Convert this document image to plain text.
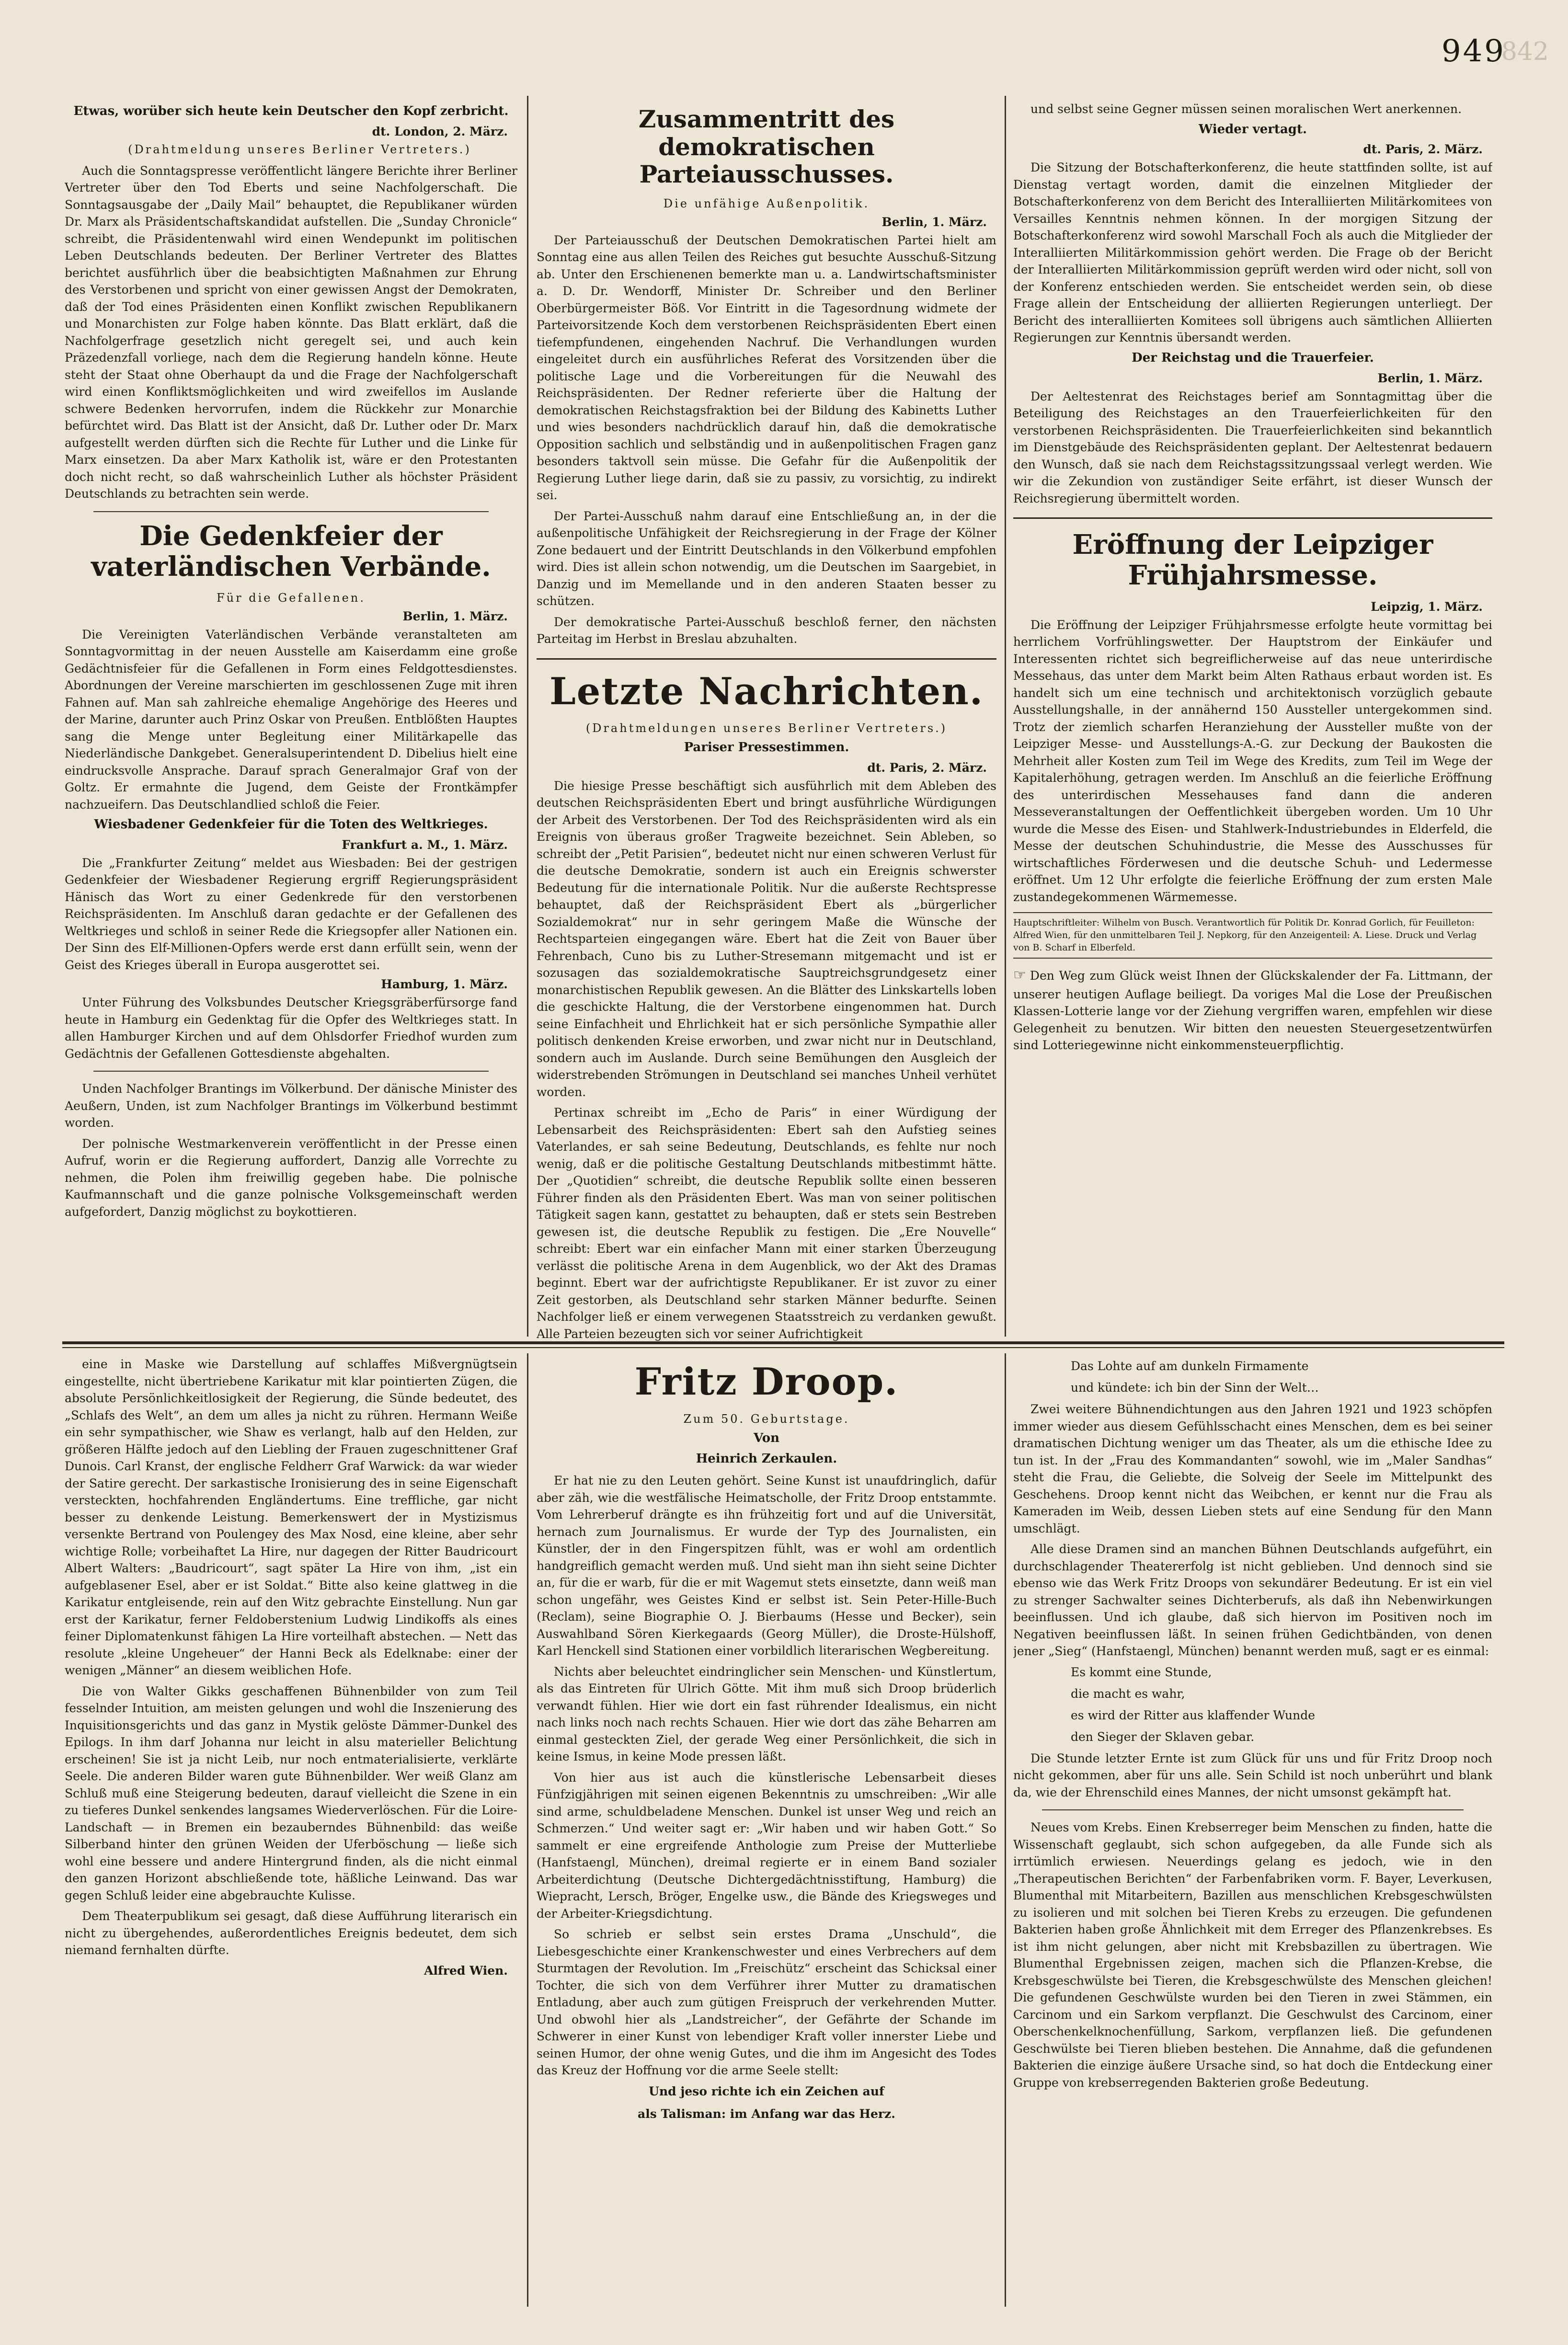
949
842
Etwas, worüber sich heute kein Deutscher den Kopf zerbricht.
dt. London, 2. März.

(Drahtmeldung unseres Berliner Vertreters.)

Auch die Sonntagspresse veröffentlicht längere Berichte ihrer Berliner Vertreter über den Tod Eberts und seine Nachfolgerschaft. Die Sonntagsausgabe der „Daily Mail“ behauptet, die Republikaner würden Dr. Marx als Präsidentschaftskandidat aufstellen. Die „Sunday Chronicle“ schreibt, die Präsidentenwahl wird einen Wendepunkt im politischen Leben Deutschlands bedeuten. Der Berliner Vertreter des Blattes berichtet ausführlich über die beabsichtigten Maßnahmen zur Ehrung des Verstorbenen und spricht von einer gewissen Angst der Demokraten, daß der Tod eines Präsidenten einen Konflikt zwischen Republikanern und Monarchisten zur Folge haben könnte. Das Blatt erklärt, daß die Nachfolgerfrage gesetzlich nicht geregelt sei, und auch kein Präzedenzfall vorliege, nach dem die Regierung handeln könne. Heute steht der Staat ohne Oberhaupt da und die Frage der Nachfolgerschaft wird einen Konfliktsmöglichkeiten und wird zweifellos im Auslande schwere Bedenken hervorrufen, indem die Rückkehr zur Monarchie befürchtet wird. Das Blatt ist der Ansicht, daß Dr. Luther oder Dr. Marx aufgestellt werden dürften sich die Rechte für Luther und die Linke für Marx einsetzen. Da aber Marx Katholik ist, wäre er den Protestanten doch nicht recht, so daß wahrscheinlich Luther als höchster Präsident Deutschlands zu betrachten sein werde.

Die Gedenkfeier der vaterländischen Verbände.
Für die Gefallenen.
Berlin, 1. März.

Die Vereinigten Vaterländischen Verbände veranstalteten am Sonntagvormittag in der neuen Ausstelle am Kaiserdamm eine große Gedächtnisfeier für die Gefallenen in Form eines Feldgottesdienstes. Abordnungen der Vereine marschierten im geschlossenen Zuge mit ihren Fahnen auf. Man sah zahlreiche ehemalige Angehörige des Heeres und der Marine, darunter auch Prinz Oskar von Preußen. Entblößten Hauptes sang die Menge unter Begleitung einer Militärkapelle das Niederländische Dankgebet. Generalsuperintendent D. Dibelius hielt eine eindrucksvolle Ansprache. Darauf sprach Generalmajor Graf von der Goltz. Er ermahnte die Jugend, dem Geiste der Frontkämpfer nachzueifern. Das Deutschlandlied schloß die Feier.

Wiesbadener Gedenkfeier für die Toten des Weltkrieges.
Frankfurt a. M., 1. März.

Die „Frankfurter Zeitung“ meldet aus Wiesbaden: Bei der gestrigen Gedenkfeier der Wiesbadener Regierung ergriff Regierungspräsident Hänisch das Wort zu einer Gedenkrede für den verstorbenen Reichspräsidenten. Im Anschluß daran gedachte er der Gefallenen des Weltkrieges und schloß in seiner Rede die Kriegsopfer aller Nationen ein. Der Sinn des Elf-Millionen-Opfers werde erst dann erfüllt sein, wenn der Geist des Krieges überall in Europa ausgerottet sei.

Hamburg, 1. März.

Unter Führung des Volksbundes Deutscher Kriegsgräberfürsorge fand heute in Hamburg ein Gedenktag für die Opfer des Weltkrieges statt. In allen Hamburger Kirchen und auf dem Ohlsdorfer Friedhof wurden zum Gedächtnis der Gefallenen Gottesdienste abgehalten.

Unden Nachfolger Brantings im Völkerbund. Der dänische Minister des Aeußern, Unden, ist zum Nachfolger Brantings im Völkerbund bestimmt worden.

Der polnische Westmarkenverein veröffentlicht in der Presse einen Aufruf, worin er die Regierung auffordert, Danzig alle Vorrechte zu nehmen, die Polen ihm freiwillig gegeben habe. Die polnische Kaufmannschaft und die ganze polnische Volksgemeinschaft werden aufgefordert, Danzig möglichst zu boykottieren.

Zusammentritt des demokratischen Parteiausschusses.
Die unfähige Außenpolitik.
Berlin, 1. März.

Der Parteiausschuß der Deutschen Demokratischen Partei hielt am Sonntag eine aus allen Teilen des Reiches gut besuchte Ausschuß-Sitzung ab. Unter den Erschienenen bemerkte man u. a. Landwirtschaftsminister a. D. Dr. Wendorff, Minister Dr. Schreiber und den Berliner Oberbürgermeister Böß. Vor Eintritt in die Tagesordnung widmete der Parteivorsitzende Koch dem verstorbenen Reichspräsidenten Ebert einen tiefempfundenen, eingehenden Nachruf. Die Verhandlungen wurden eingeleitet durch ein ausführliches Referat des Vorsitzenden über die politische Lage und die Vorbereitungen für die Neuwahl des Reichspräsidenten. Der Redner referierte über die Haltung der demokratischen Reichstagsfraktion bei der Bildung des Kabinetts Luther und wies besonders nachdrücklich darauf hin, daß die demokratische Opposition sachlich und selbständig und in außenpolitischen Fragen ganz besonders taktvoll sein müsse. Die Gefahr für die Außenpolitik der Regierung Luther liege darin, daß sie zu passiv, zu vorsichtig, zu indirekt sei.

Der Partei-Ausschuß nahm darauf eine Entschließung an, in der die außenpolitische Unfähigkeit der Reichsregierung in der Frage der Kölner Zone bedauert und der Eintritt Deutschlands in den Völkerbund empfohlen wird. Dies ist allein schon notwendig, um die Deutschen im Saargebiet, in Danzig und im Memellande und in den anderen Staaten besser zu schützen.

Der demokratische Partei-Ausschuß beschloß ferner, den nächsten Parteitag im Herbst in Breslau abzuhalten.

Letzte Nachrichten.
(Drahtmeldungen unseres Berliner Vertreters.)
Pariser Pressestimmen.
dt. Paris, 2. März.

Die hiesige Presse beschäftigt sich ausführlich mit dem Ableben des deutschen Reichspräsidenten Ebert und bringt ausführliche Würdigungen der Arbeit des Verstorbenen. Der Tod des Reichspräsidenten wird als ein Ereignis von überaus großer Tragweite bezeichnet. Sein Ableben, so schreibt der „Petit Parisien“, bedeutet nicht nur einen schweren Verlust für die deutsche Demokratie, sondern ist auch ein Ereignis schwerster Bedeutung für die internationale Politik. Nur die außerste Rechtspresse behauptet, daß der Reichspräsident Ebert als „bürgerlicher Sozialdemokrat“ nur in sehr geringem Maße die Wünsche der Rechtsparteien eingegangen wäre. Ebert hat die Zeit von Bauer über Fehrenbach, Cuno bis zu Luther-Stresemann mitgemacht und ist er sozusagen das sozialdemokratische Sauptreichsgrundgesetz einer monarchistischen Republik gewesen. An die Blätter des Linkskartells loben die geschickte Haltung, die der Verstorbene eingenommen hat. Durch seine Einfachheit und Ehrlichkeit hat er sich persönliche Sympathie aller politisch denkenden Kreise erworben, und zwar nicht nur in Deutschland, sondern auch im Auslande. Durch seine Bemühungen den Ausgleich der widerstrebenden Strömungen in Deutschland sei manches Unheil verhütet worden.

Pertinax schreibt im „Echo de Paris“ in einer Würdigung der Lebensarbeit des Reichspräsidenten: Ebert sah den Aufstieg seines Vaterlandes, er sah seine Bedeutung, Deutschlands, es fehlte nur noch wenig, daß er die politische Gestaltung Deutschlands mitbestimmt hätte. Der „Quotidien“ schreibt, die deutsche Republik sollte einen besseren Führer finden als den Präsidenten Ebert. Was man von seiner politischen Tätigkeit sagen kann, gestattet zu behaupten, daß er stets sein Bestreben gewesen ist, die deutsche Republik zu festigen. Die „Ere Nouvelle“ schreibt: Ebert war ein einfacher Mann mit einer starken Überzeugung verlässt die politische Arena in dem Augenblick, wo der Akt des Dramas beginnt. Ebert war der aufrichtigste Republikaner. Er ist zuvor zu einer Zeit gestorben, als Deutschland sehr starken Männer bedurfte. Seinen Nachfolger ließ er einem verwegenen Staatsstreich zu verdanken gewußt. Alle Parteien bezeugten sich vor seiner Aufrichtigkeit

und selbst seine Gegner müssen seinen moralischen Wert anerkennen.

Wieder vertagt.
dt. Paris, 2. März.

Die Sitzung der Botschafterkonferenz, die heute stattfinden sollte, ist auf Dienstag vertagt worden, damit die einzelnen Mitglieder der Botschafterkonferenz von dem Bericht des Interalliierten Militärkomitees von Versailles Kenntnis nehmen können. In der morgigen Sitzung der Botschafterkonferenz wird sowohl Marschall Foch als auch die Mitglieder der Interalliierten Militärkommission gehört werden. Die Frage ob der Bericht der Interalliierten Militärkommission geprüft werden wird oder nicht, soll von der Konferenz entschieden werden. Sie entscheidet werden sein, ob diese Frage allein der Entscheidung der alliierten Regierungen unterliegt. Der Bericht des interalliierten Komitees soll übrigens auch sämtlichen Alliierten Regierungen zur Kenntnis übersandt werden.

Der Reichstag und die Trauerfeier.
Berlin, 1. März.

Der Aeltestenrat des Reichstages berief am Sonntagmittag über die Beteiligung des Reichstages an den Trauerfeierlichkeiten für den verstorbenen Reichspräsidenten. Die Trauerfeierlichkeiten sind bekanntlich im Dienstgebäude des Reichspräsidenten geplant. Der Aeltestenrat bedauern den Wunsch, daß sie nach dem Reichstagssitzungssaal verlegt werden. Wie wir die Zekundion von zuständiger Seite erfährt, ist dieser Wunsch der Reichsregierung übermittelt worden.

Eröffnung der Leipziger Frühjahrsmesse.
Leipzig, 1. März.

Die Eröffnung der Leipziger Frühjahrsmesse erfolgte heute vormittag bei herrlichem Vorfrühlingswetter. Der Hauptstrom der Einkäufer und Interessenten richtet sich begreiflicherweise auf das neue unterirdische Messehaus, das unter dem Markt beim Alten Rathaus erbaut worden ist. Es handelt sich um eine technisch und architektonisch vorzüglich gebaute Ausstellungshalle, in der annähernd 150 Aussteller untergekommen sind. Trotz der ziemlich scharfen Heranziehung der Aussteller mußte von der Leipziger Messe- und Ausstellungs-A.-G. zur Deckung der Baukosten die Mehrheit aller Kosten zum Teil im Wege des Kredits, zum Teil im Wege der Kapitalerhöhung, getragen werden. Im Anschluß an die feierliche Eröffnung des unterirdischen Messehauses fand dann die anderen Messeveranstaltungen der Oeffentlichkeit übergeben worden. Um 10 Uhr wurde die Messe des Eisen- und Stahlwerk-Industriebundes in Elderfeld, die Messe der deutschen Schuhindustrie, die Messe des Ausschusses für wirtschaftliches Förderwesen und die deutsche Schuh- und Ledermesse eröffnet. Um 12 Uhr erfolgte die feierliche Eröffnung der zum ersten Male zustandegekommenen Wärmemesse.

Hauptschriftleiter: Wilhelm von Busch. Verantwortlich für Politik Dr. Konrad Gorlich, für Feuilleton: Alfred Wien, für den unmittelbaren Teil J. Nepkorg, für den Anzeigenteil: A. Liese. Druck und Verlag von B. Scharf in Elberfeld.
☞ Den Weg zum Glück weist Ihnen der Glückskalender der Fa. Littmann, der unserer heutigen Auflage beiliegt. Da voriges Mal die Lose der Preußischen Klassen-Lotterie lange vor der Ziehung vergriffen waren, empfehlen wir diese Gelegenheit zu benutzen. Wir bitten den neuesten Steuergesetzentwürfen sind Lotteriegewinne nicht einkommensteuerpflichtig.

eine in Maske wie Darstellung auf schlaffes Mißvergnügtsein eingestellte, nicht übertriebene Karikatur mit klar pointierten Zügen, die absolute Persönlichkeitlosigkeit der Regierung, die Sünde bedeutet, des „Schlafs des Welt“, an dem um alles ja nicht zu rühren. Hermann Weiße ein sehr sympathischer, wie Shaw es verlangt, halb auf den Helden, zur größeren Hälfte jedoch auf den Liebling der Frauen zugeschnittener Graf Dunois. Carl Kranst, der englische Feldherr Graf Warwick: da war wieder der Satire gerecht. Der sarkastische Ironisierung des in seine Eigenschaft versteckten, hochfahrenden Engländertums. Eine treffliche, gar nicht besser zu denkende Leistung. Bemerkenswert der in Mystizismus versenkte Bertrand von Poulengey des Max Nosd, eine kleine, aber sehr wichtige Rolle; vorbeihaftet La Hire, nur dagegen der Ritter Baudricourt Albert Walters: „Baudricourt“, sagt später La Hire von ihm, „ist ein aufgeblasener Esel, aber er ist Soldat.“ Bitte also keine glattweg in die Karikatur entgleisende, rein auf den Witz gebrachte Einstellung. Nun gar erst der Karikatur, ferner Feldoberstenium Ludwig Lindikoffs als eines feiner Diplomatenkunst fähigen La Hire vorteilhaft abstechen. — Nett das resolute „kleine Ungeheuer“ der Hanni Beck als Edelknabe: einer der wenigen „Männer“ an diesem weiblichen Hofe.

Die von Walter Gikks geschaffenen Bühnenbilder von zum Teil fesselnder Intuition, am meisten gelungen und wohl die Inszenierung des Inquisitionsgerichts und das ganz in Mystik gelöste Dämmer-Dunkel des Epilogs. In ihm darf Johanna nur leicht in alsu materieller Belichtung erscheinen! Sie ist ja nicht Leib, nur noch entmaterialisierte, verklärte Seele. Die anderen Bilder waren gute Bühnenbilder. Wer weiß Glanz am Schluß muß eine Steigerung bedeuten, darauf vielleicht die Szene in ein zu tieferes Dunkel senkendes langsames Wiederverlöschen. Für die Loire-Landschaft — in Bremen ein bezauberndes Bühnenbild: das weiße Silberband hinter den grünen Weiden der Uferböschung — ließe sich wohl eine bessere und andere Hintergrund finden, als die nicht einmal den ganzen Horizont abschließende tote, häßliche Leinwand. Das war gegen Schluß leider eine abgebrauchte Kulisse.

Dem Theaterpublikum sei gesagt, daß diese Aufführung literarisch ein nicht zu übergehendes, außerordentliches Ereignis bedeutet, dem sich niemand fernhalten dürfte.

Alfred Wien.
Fritz Droop.
Zum 50. Geburtstage.
Von
Heinrich Zerkaulen.

Er hat nie zu den Leuten gehört. Seine Kunst ist unaufdringlich, dafür aber zäh, wie die westfälische Heimatscholle, der Fritz Droop entstammte. Vom Lehrerberuf drängte es ihn frühzeitig fort und auf die Universität, hernach zum Journalismus. Er wurde der Typ des Journalisten, ein Künstler, der in den Fingerspitzen fühlt, was er wohl am ordentlich handgreiflich gemacht werden muß. Und sieht man ihn sieht seine Dichter an, für die er warb, für die er mit Wagemut stets einsetzte, dann weiß man schon ungefähr, wes Geistes Kind er selbst ist. Sein Peter-Hille-Buch (Reclam), seine Biographie O. J. Bierbaums (Hesse und Becker), sein Auswahlband Sören Kierkegaards (Georg Müller), die Droste-Hülshoff, Karl Henckell sind Stationen einer vorbildlich literarischen Wegbereitung.

Nichts aber beleuchtet eindringlicher sein Menschen- und Künstlertum, als das Eintreten für Ulrich Götte. Mit ihm muß sich Droop brüderlich verwandt fühlen. Hier wie dort ein fast rührender Idealismus, ein nicht nach links noch nach rechts Schauen. Hier wie dort das zähe Beharren am einmal gesteckten Ziel, der gerade Weg einer Persönlichkeit, die sich in keine Ismus, in keine Mode pressen läßt.

Von hier aus ist auch die künstlerische Lebensarbeit dieses Fünfzigjährigen mit seinen eigenen Bekenntnis zu umschreiben: „Wir alle sind arme, schuldbeladene Menschen. Dunkel ist unser Weg und reich an Schmerzen.“ Und weiter sagt er: „Wir haben und wir haben Gott.“ So sammelt er eine ergreifende Anthologie zum Preise der Mutterliebe (Hanfstaengl, München), dreimal regierte er in einem Band sozialer Arbeiterdichtung (Deutsche Dichtergedächtnisstiftung, Hamburg) die Wiepracht, Lersch, Bröger, Engelke usw., die Bände des Kriegsweges und der Arbeiter-Kriegsdichtung.

So schrieb er selbst sein erstes Drama „Unschuld“, die Liebesgeschichte einer Krankenschwester und eines Verbrechers auf dem Sturmtagen der Revolution. Im „Freischütz“ erscheint das Schicksal einer Tochter, die sich von dem Verführer ihrer Mutter zu dramatischen Entladung, aber auch zum gütigen Freispruch der verkehrenden Mutter. Und obwohl hier als „Landstreicher“, der Gefährte der Schande im Schwerer in einer Kunst von lebendiger Kraft voller innerster Liebe und seinen Humor, der ohne wenig Gutes, und die ihm im Angesicht des Todes das Kreuz der Hoffnung vor die arme Seele stellt:

Und jeso richte ich ein Zeichen auf
als Talisman: im Anfang war das Herz.
Das Lohte auf am dunkeln Firmamente
und kündete: ich bin der Sinn der Welt…

Zwei weitere Bühnendichtungen aus den Jahren 1921 und 1923 schöpfen immer wieder aus diesem Gefühlsschacht eines Menschen, dem es bei seiner dramatischen Dichtung weniger um das Theater, als um die ethische Idee zu tun ist. In der „Frau des Kommandanten“ sowohl, wie im „Maler Sandhas“ steht die Frau, die Geliebte, die Solveig der Seele im Mittelpunkt des Geschehens. Droop kennt nicht das Weibchen, er kennt nur die Frau als Kameraden im Weib, dessen Lieben stets auf eine Sendung für den Mann umschlägt.

Alle diese Dramen sind an manchen Bühnen Deutschlands aufgeführt, ein durchschlagender Theatererfolg ist nicht geblieben. Und dennoch sind sie ebenso wie das Werk Fritz Droops von sekundärer Bedeutung. Er ist ein viel zu strenger Sachwalter seines Dichterberufs, als daß ihn Nebenwirkungen beeinflussen. Und ich glaube, daß sich hiervon im Positiven noch im Negativen beeinflussen läßt. In seinen frühen Gedichtbänden, von denen jener „Sieg“ (Hanfstaengl, München) benannt werden muß, sagt er es einmal:

Es kommt eine Stunde,
die macht es wahr,
es wird der Ritter aus klaffender Wunde
den Sieger der Sklaven gebar.

Die Stunde letzter Ernte ist zum Glück für uns und für Fritz Droop noch nicht gekommen, aber für uns alle. Sein Schild ist noch unberührt und blank da, wie der Ehrenschild eines Mannes, der nicht umsonst gekämpft hat.

Neues vom Krebs. Einen Krebserreger beim Menschen zu finden, hatte die Wissenschaft geglaubt, sich schon aufgegeben, da alle Funde sich als irrtümlich erwiesen. Neuerdings gelang es jedoch, wie in den „Therapeutischen Berichten“ der Farbenfabriken vorm. F. Bayer, Leverkusen, Blumenthal mit Mitarbeitern, Bazillen aus menschlichen Krebsgeschwülsten zu isolieren und mit solchen bei Tieren Krebs zu erzeugen. Die gefundenen Bakterien haben große Ähnlichkeit mit dem Erreger des Pflanzenkrebses. Es ist ihm nicht gelungen, aber nicht mit Krebsbazillen zu übertragen. Wie Blumenthal Ergebnissen zeigen, machen sich die Pflanzen-Krebse, die Krebsgeschwülste bei Tieren, die Krebsgeschwülste des Menschen gleichen! Die gefundenen Geschwülste wurden bei den Tieren in zwei Stämmen, ein Carcinom und ein Sarkom verpflanzt. Die Geschwulst des Carcinom, einer Oberschenkelknochenfüllung, Sarkom, verpflanzen ließ. Die gefundenen Geschwülste bei Tieren blieben bestehen. Die Annahme, daß die gefundenen Bakterien die einzige äußere Ursache sind, so hat doch die Entdeckung einer Gruppe von krebserregenden Bakterien große Bedeutung.
